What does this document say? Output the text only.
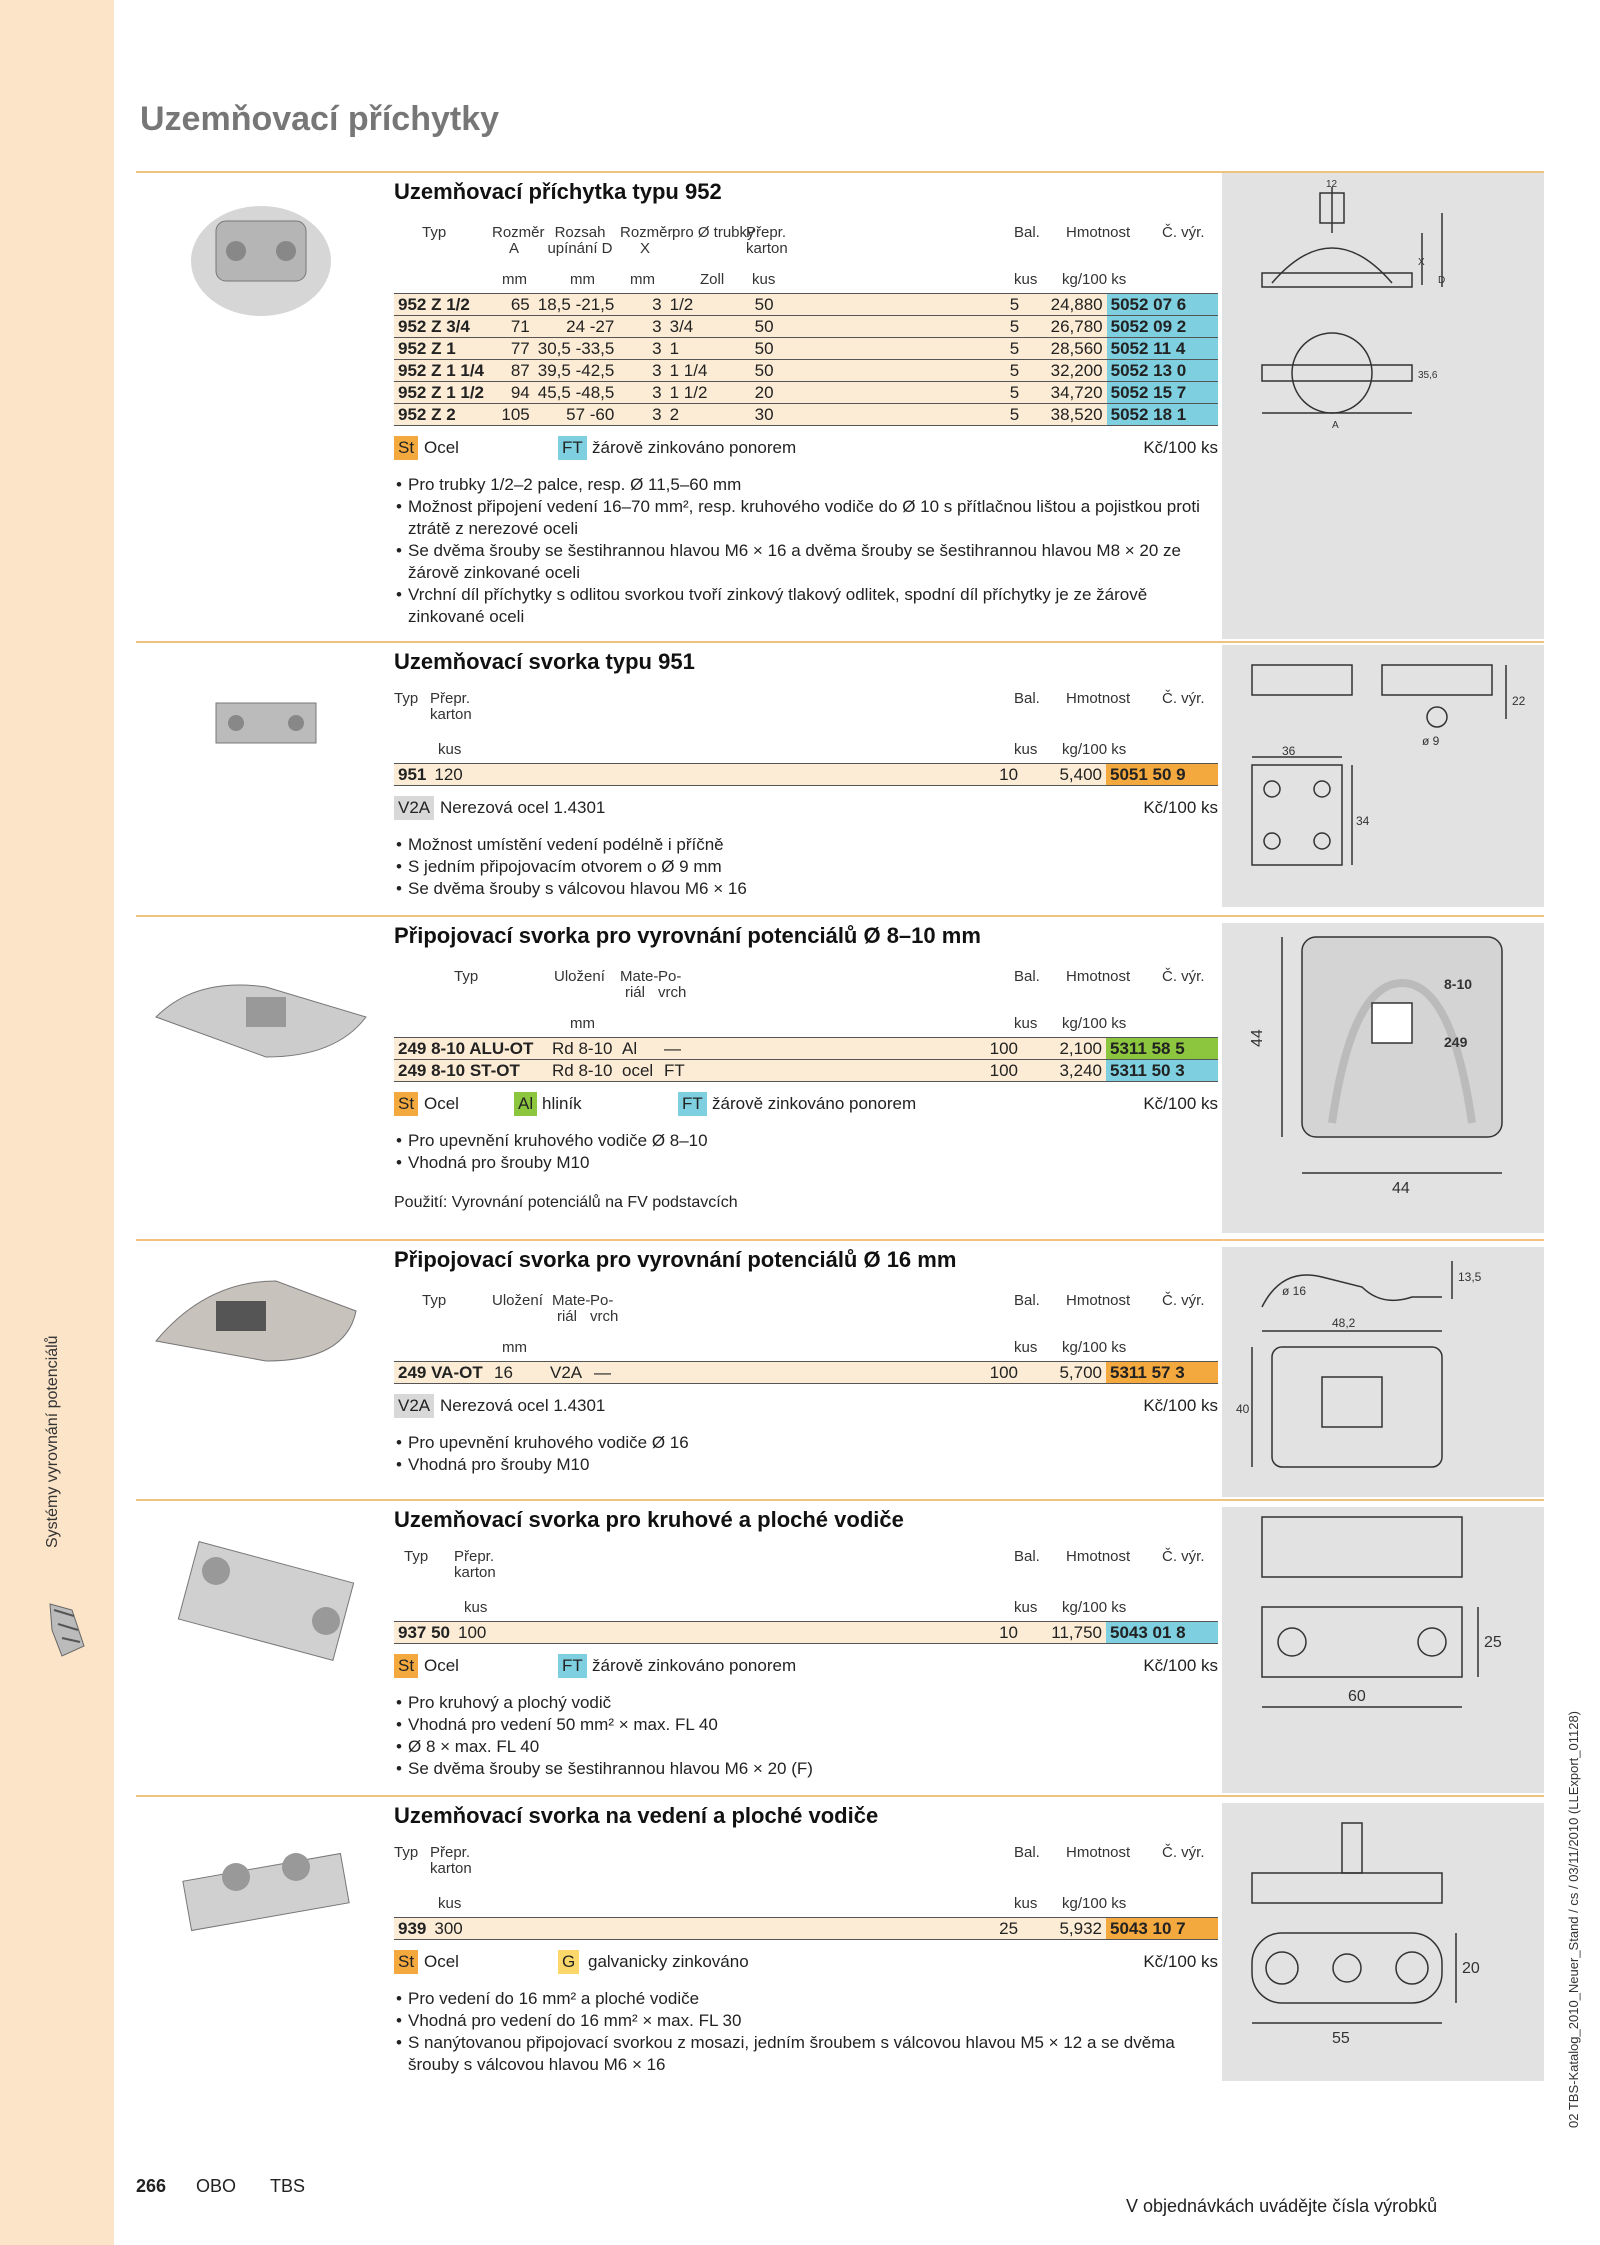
Systémy vyrovnání potenciálů
02 TBS-Katalog_2010_Neuer_Stand / cs / 03/11/2010 (LLExport_01128)
Uzemňovací příchytky
Uzemňovací příchytka typu 952
Typ	Rozměr A
Rozsah upínání D
Rozměr X
pro Ø trubky
Přepr. karton
Bal. Hmotnost Č. výr.
mm	mm mm	Zoll kus	kus kg/100 ks
952 Z 1/2	65	18,5 -21,5	3	1/2	50	5	24,880	5052 07 6
952 Z 3/4	71	24 -27	3	3/4	50	5	26,780	5052 09 2
952 Z 1	77	30,5 -33,5	3	1	50	5	28,560	5052 11 4
952 Z 1 1/4	87	39,5 -42,5	3	1 1/4	50	5	32,200	5052 13 0
952 Z 1 1/2	94	45,5 -48,5	3	1 1/2	20	5	34,720	5052 15 7
952 Z 2	105	57 -60	3	2	30	5	38,520	5052 18 1
St Ocel	FT žárově zinkováno ponorem	Kč/100 ks
• Pro trubky 1/2–2 palce, resp. Ø 11,5–60 mm
• Možnost připojení vedení 16–70 mm², resp. kruhového vodiče do Ø 10 s přítlačnou lištou a pojistkou proti ztrátě z nerezové oceli
• Se dvěma šrouby se šestihrannou hlavou M6 × 16 a dvěma šrouby se šestihrannou hlavou M8 × 20 ze žárově zinkované oceli
• Vrchní díl příchytky s odlitou svorkou tvoří zinkový tlakový odlitek, spodní díl příchytky je ze žárově zinkované oceli
12
X
D
35,6
A
Uzemňovací svorka typu 951
Typ Přepr. karton
Bal. Hmotnost Č. výr.
kus	kus kg/100 ks
951	120	10	5,400	5051 50 9
V2A Nerezová ocel 1.4301	Kč/100 ks
• Možnost umístění vedení podélně i příčně
• S jedním připojovacím otvorem o Ø 9 mm
• Se dvěma šrouby s válcovou hlavou M6 × 16
22
36
ø 9
34
Připojovací svorka pro vyrovnání potenciálů Ø 8–10 mm
Typ	Uložení Mate- riál
Po- vrch
Bal. Hmotnost Č. výr.
mm	kus kg/100 ks
249 8-10 ALU-OT	Rd 8-10	Al	—	100	2,100	5311 58 5
249 8-10 ST-OT	Rd 8-10	ocel	FT	100	3,240	5311 50 3
St Ocel	Al hliník	FT žárově zinkováno ponorem	Kč/100 ks
• Pro upevnění kruhového vodiče Ø 8–10
• Vhodná pro šrouby M10
Použití: Vyrovnání potenciálů na FV podstavcích
44
44
8-10
249
Připojovací svorka pro vyrovnání potenciálů Ø 16 mm
Typ	Uložení Mate- riál
Po- vrch
Bal. Hmotnost Č. výr.
mm	kus kg/100 ks
249 VA-OT	16	V2A	—	100	5,700	5311 57 3
V2A Nerezová ocel 1.4301	Kč/100 ks
• Pro upevnění kruhového vodiče Ø 16
• Vhodná pro šrouby M10
ø 16
13,5
48,2
40
Uzemňovací svorka pro kruhové a ploché vodiče
Typ Přepr. karton
Bal. Hmotnost Č. výr.
kus	kus kg/100 ks
937 50	100	10	11,750	5043 01 8
St Ocel	FT žárově zinkováno ponorem	Kč/100 ks
• Pro kruhový a plochý vodič
• Vhodná pro vedení 50 mm² × max. FL 40
• Ø 8 × max. FL 40
• Se dvěma šrouby se šestihrannou hlavou M6 × 20 (F)
25
60
Uzemňovací svorka na vedení a ploché vodiče
Typ Přepr. karton
Bal. Hmotnost Č. výr.
kus	kus kg/100 ks
939	300	25	5,932	5043 10 7
St Ocel	G galvanicky zinkováno	Kč/100 ks
• Pro vedení do 16 mm² a ploché vodiče
• Vhodná pro vedení do 16 mm² × max. FL 30
• S nanýtovanou připojovací svorkou z mosazi, jedním šroubem s válcovou hlavou M5 × 12 a se dvěma šrouby s válcovou hlavou M6 × 16
20
55
266 OBO TBS
V objednávkách uvádějte čísla výrobků
